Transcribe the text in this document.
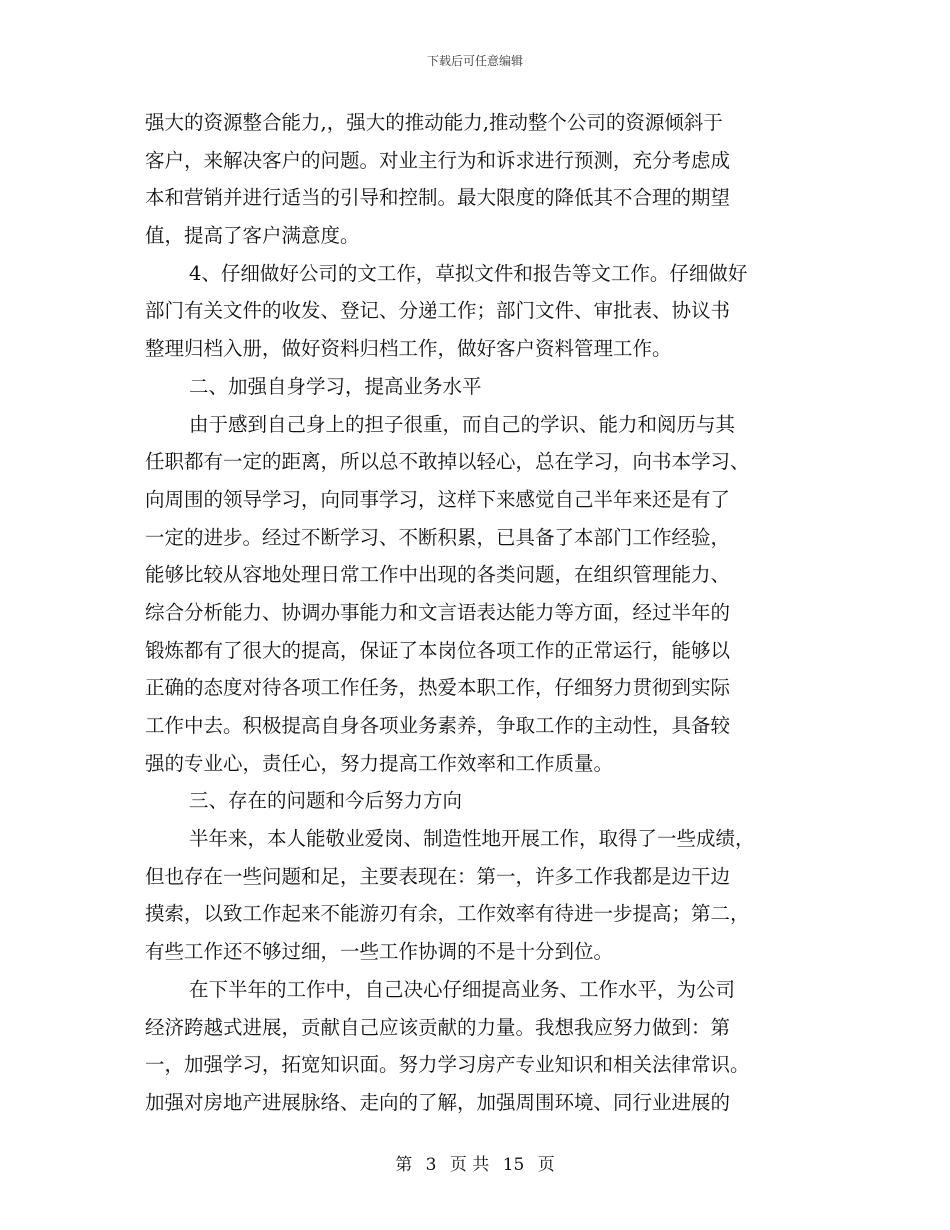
下载后可任意编辑
强大的资源整合能力,，强大的推动能力,推动整个公司的资源倾斜于
客户，来解决客户的问题。对业主行为和诉求进行预测，充分考虑成
本和营销并进行适当的引导和控制。最大限度的降低其不合理的期望
值，提高了客户满意度。
4、仔细做好公司的文工作，草拟文件和报告等文工作。仔细做好
部门有关文件的收发、登记、分递工作；部门文件、审批表、协议书
整理归档入册，做好资料归档工作，做好客户资料管理工作。
二、加强自身学习，提高业务水平
由于感到自己身上的担子很重，而自己的学识、能力和阅历与其
任职都有一定的距离，所以总不敢掉以轻心，总在学习，向书本学习、
向周围的领导学习，向同事学习，这样下来感觉自己半年来还是有了
一定的进步。经过不断学习、不断积累，已具备了本部门工作经验，
能够比较从容地处理日常工作中出现的各类问题，在组织管理能力、
综合分析能力、协调办事能力和文言语表达能力等方面，经过半年的
锻炼都有了很大的提高，保证了本岗位各项工作的正常运行，能够以
正确的态度对待各项工作任务，热爱本职工作，仔细努力贯彻到实际
工作中去。积极提高自身各项业务素养，争取工作的主动性，具备较
强的专业心，责任心，努力提高工作效率和工作质量。
三、存在的问题和今后努力方向
半年来，本人能敬业爱岗、制造性地开展工作，取得了一些成绩，
但也存在一些问题和足，主要表现在：第一，许多工作我都是边干边
摸索，以致工作起来不能游刃有余，工作效率有待进一步提高；第二，
有些工作还不够过细，一些工作协调的不是十分到位。
在下半年的工作中，自己决心仔细提高业务、工作水平，为公司
经济跨越式进展，贡献自己应该贡献的力量。我想我应努力做到：第
一，加强学习，拓宽知识面。努力学习房产专业知识和相关法律常识。
加强对房地产进展脉络、走向的了解，加强周围环境、同行业进展的
第 3 页 共 15 页
